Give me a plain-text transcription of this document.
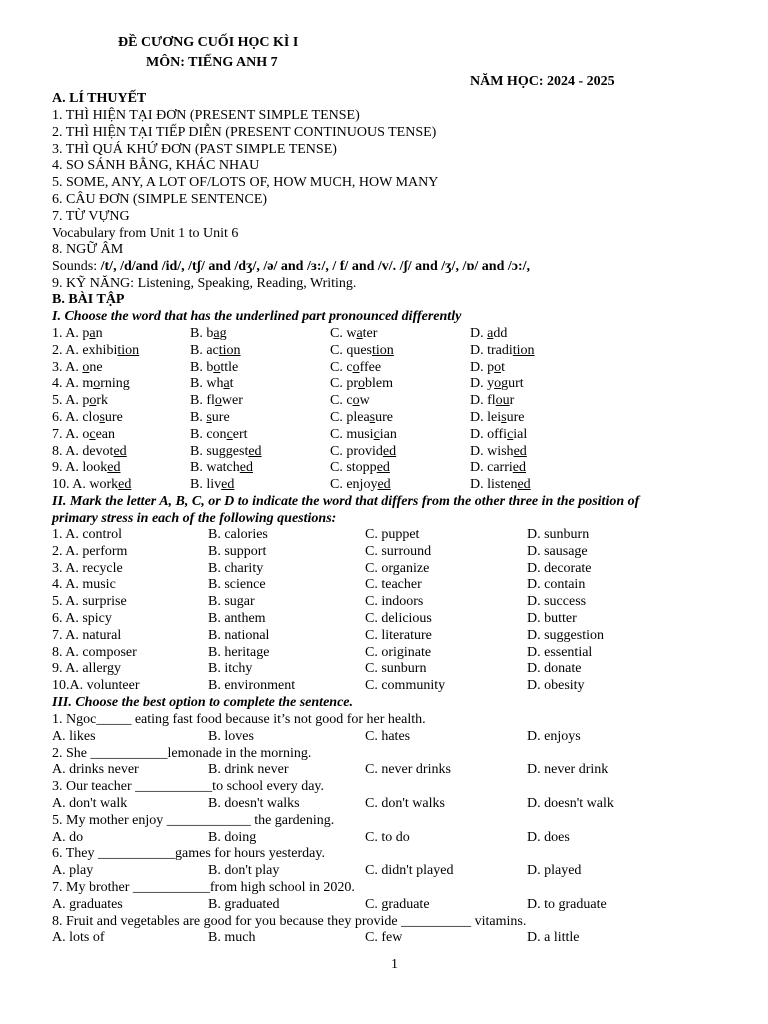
ĐỀ CƯƠNG CUỐI HỌC KÌ I
MÔN: TIẾNG ANH 7
NĂM HỌC: 2024 - 2025
A. LÍ THUYẾT
1. THÌ HIỆN TẠI ĐƠN (PRESENT SIMPLE TENSE)
2. THÌ HIỆN TẠI TIẾP DIỄN (PRESENT CONTINUOUS TENSE)
3. THÌ QUÁ KHỨ ĐƠN (PAST SIMPLE TENSE)
4. SO SÁNH BẰNG, KHÁC NHAU
5. SOME, ANY, A LOT OF/LOTS OF, HOW MUCH, HOW MANY
6. CÂU ĐƠN (SIMPLE SENTENCE)
7. TỪ VỰNG
Vocabulary from Unit 1 to Unit 6
8. NGỮ ÂM
Sounds: /t/, /d/and /id/, /tʃ/ and /dʒ/, /ə/ and /ɜ:/, / f/ and /v/. /ʃ/ and /ʒ/, /ɒ/ and /ɔ:/,
9. KỸ NĂNG: Listening, Speaking, Reading, Writing.
B. BÀI TẬP
I. Choose the word that has the underlined part pronounced differently
1. A. pan	B. bag	C. water	D. add
2. A. exhibition	B. action	C. question	D. tradition
3. A. one	B. bottle	C. coffee	D. pot
4. A. morning	B. what	C. problem	D. yogurt
5. A. pork	B. flower	C. cow	D. flour
6. A. closure	B. sure	C. pleasure	D. leisure
7. A. ocean	B. concert	C. musician	D. official
8. A. devoted	B. suggested	C. provided	D. wished
9. A. looked	B. watched	C. stopped	D. carried
10. A. worked	B. lived	C. enjoyed	D. listened
II. Mark the letter A, B, C, or D to indicate the word that differs from the other three in the position of
primary stress in each of the following questions:
1. A. control	B. calories	C. puppet	D. sunburn
2. A. perform	B. support	C. surround	D. sausage
3. A. recycle	B. charity	C. organize	D. decorate
4. A. music	B. science	C. teacher	D. contain
5. A. surprise	B. sugar	C. indoors	D. success
6. A. spicy	B. anthem	C. delicious	D. butter
7. A. natural	B. national	C. literature	D. suggestion
8. A. composer	B. heritage	C. originate	D. essential
9. A. allergy	B. itchy	C. sunburn	D. donate
10.A. volunteer	B. environment	C. community	D. obesity
III. Choose the best option to complete the sentence.
1. Ngoc_____ eating fast food because it’s not good for her health.
A. likes	B. loves	C. hates	D. enjoys
2. She ___________lemonade in the morning.
A. drinks never	B. drink never	C. never drinks	D. never drink
3. Our teacher ___________to school every day.
A. don't walk	B. doesn't walks	C. don't walks	D. doesn't walk
5. My mother enjoy ____________ the gardening.
A. do	B. doing	C. to do	D. does
6. They ___________games for hours yesterday.
A. play	B. don't play	C. didn't played	D. played
7. My brother ___________from high school in 2020.
A. graduates	B. graduated	C. graduate	D. to graduate
8. Fruit and vegetables are good for you because they provide __________ vitamins.
A. lots of	B. much	C. few	D. a little
1
